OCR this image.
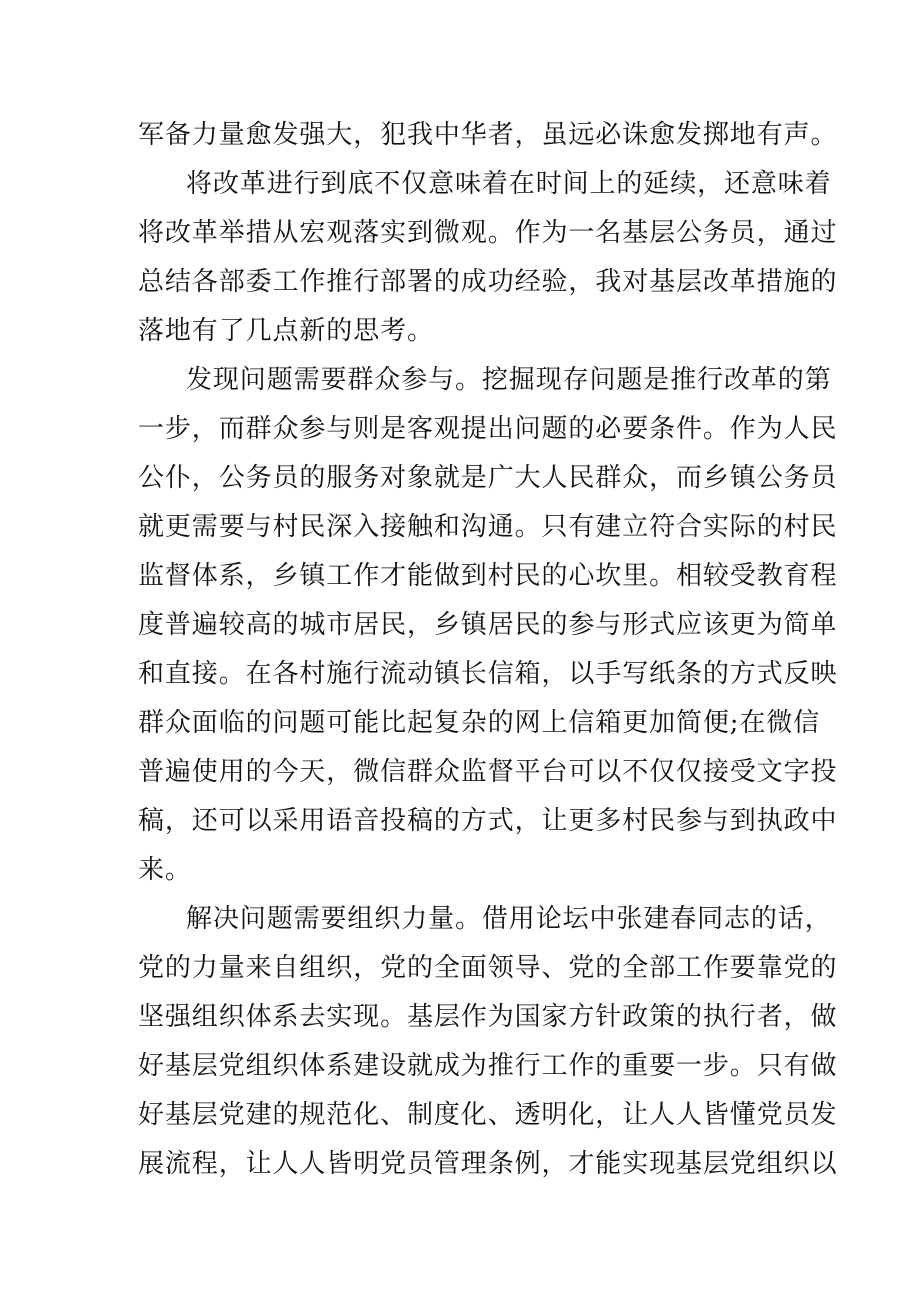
军备力量愈发强大，犯我中华者，虽远必诛愈发掷地有声。
将改革进行到底不仅意味着在时间上的延续，还意味着
将改革举措从宏观落实到微观。作为一名基层公务员，通过
总结各部委工作推行部署的成功经验，我对基层改革措施的
落地有了几点新的思考。
发现问题需要群众参与。挖掘现存问题是推行改革的第
一步，而群众参与则是客观提出问题的必要条件。作为人民
公仆，公务员的服务对象就是广大人民群众，而乡镇公务员
就更需要与村民深入接触和沟通。只有建立符合实际的村民
监督体系，乡镇工作才能做到村民的心坎里。相较受教育程
度普遍较高的城市居民，乡镇居民的参与形式应该更为简单
和直接。在各村施行流动镇长信箱，以手写纸条的方式反映
群众面临的问题可能比起复杂的网上信箱更加简便;在微信
普遍使用的今天，微信群众监督平台可以不仅仅接受文字投
稿，还可以采用语音投稿的方式，让更多村民参与到执政中
来。
解决问题需要组织力量。借用论坛中张建春同志的话，
党的力量来自组织，党的全面领导、党的全部工作要靠党的
坚强组织体系去实现。基层作为国家方针政策的执行者，做
好基层党组织体系建设就成为推行工作的重要一步。只有做
好基层党建的规范化、制度化、透明化，让人人皆懂党员发
展流程，让人人皆明党员管理条例，才能实现基层党组织以
